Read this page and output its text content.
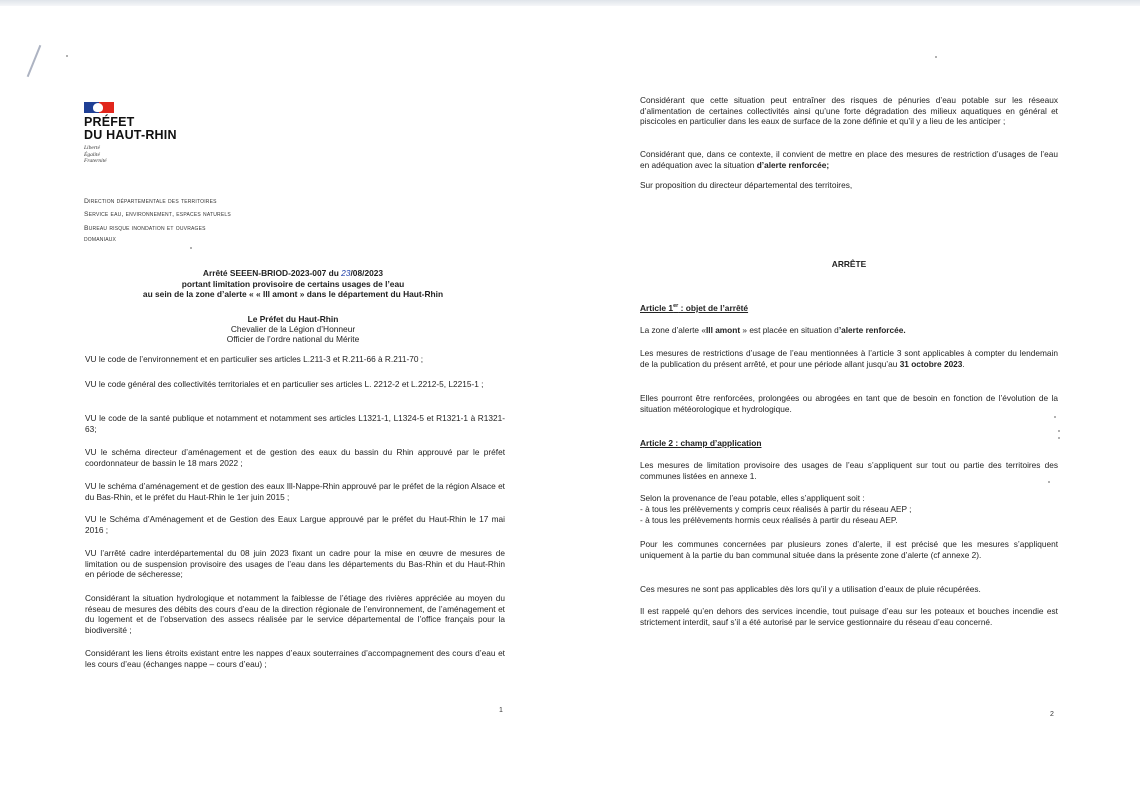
PRÉFET
DU HAUT-RHIN
Liberté
Égalité
Fraternité
Direction départementale des territoires
Service eau, environnement, espaces naturels
Bureau risque inondation et ouvrages
domaniaux
Arrêté SEEEN-BRIOD-2023-007 du 23/08/2023
portant limitation provisoire de certains usages de l’eau
au sein de la zone d’alerte « « Ill amont » dans le département du Haut-Rhin
Le Préfet du Haut-Rhin
Chevalier de la Légion d’Honneur
Officier de l’ordre national du Mérite

VU le code de l’environnement et en particulier ses articles L.211-3 et R.211-66 à R.211-70 ;

VU le code général des collectivités territoriales et en particulier ses articles L. 2212-2 et L.2212-5, L2215-1 ;

VU le code de la santé publique et notamment et notamment ses articles L1321-1, L1324-5 et R1321-1 à R1321-63;

VU le schéma directeur d’aménagement et de gestion des eaux du bassin du Rhin approuvé par le préfet coordonnateur de bassin le 18 mars 2022 ;

VU le schéma d’aménagement et de gestion des eaux Ill-Nappe-Rhin approuvé par le préfet de la région Alsace et du Bas-Rhin, et le préfet du Haut-Rhin le 1er juin 2015 ;

VU le Schéma d’Aménagement et de Gestion des Eaux Largue approuvé par le préfet du Haut-Rhin le 17 mai 2016 ;

VU l’arrêté cadre interdépartemental du 08 juin 2023 fixant un cadre pour la mise en œuvre de mesures de limitation ou de suspension provisoire des usages de l’eau dans les départements du Bas-Rhin et du Haut-Rhin en période de sécheresse;

Considérant la situation hydrologique et notamment la faiblesse de l’étiage des rivières appréciée au moyen du réseau de mesures des débits des cours d’eau de la direction régionale de l’environnement, de l’aménagement et du logement et de l’observation des assecs réalisée par le service départemental de l’office français pour la biodiversité ;

Considérant les liens étroits existant entre les nappes d’eaux souterraines d’accompagnement des cours d’eau et les cours d’eau (échanges nappe – cours d’eau) ;

1

Considérant que cette situation peut entraîner des risques de pénuries d’eau potable sur les réseaux d’alimentation de certaines collectivités ainsi qu’une forte dégradation des milieux aquatiques en général et piscicoles en particulier dans les eaux de surface de la zone définie et qu’il y a lieu de les anticiper ;

Considérant que, dans ce contexte, il convient de mettre en place des mesures de restriction d’usages de l’eau en adéquation avec la situation d’alerte renforcée;

Sur proposition du directeur départemental des territoires,

ARRÊTE
Article 1er : objet de l’arrêté

La zone d’alerte «Ill amont » est placée en situation d’alerte renforcée.

Les mesures de restrictions d’usage de l’eau mentionnées à l’article 3 sont applicables à compter du lendemain de la publication du présent arrêté, et pour une période allant jusqu’au 31 octobre 2023.

Elles pourront être renforcées, prolongées ou abrogées en tant que de besoin en fonction de l’évolution de la situation météorologique et hydrologique.

Article 2 : champ d’application

Les mesures de limitation provisoire des usages de l’eau s’appliquent sur tout ou partie des territoires des communes listées en annexe 1.

Selon la provenance de l’eau potable, elles s’appliquent soit :

- à tous les prélèvements y compris ceux réalisés à partir du réseau AEP ;

- à tous les prélèvements hormis ceux réalisés à partir du réseau AEP.

Pour les communes concernées par plusieurs zones d’alerte, il est précisé que les mesures s’appliquent uniquement à la partie du ban communal située dans la présente zone d’alerte (cf annexe 2).

Ces mesures ne sont pas applicables dès lors qu’il y a utilisation d’eaux de pluie récupérées.

Il est rappelé qu’en dehors des services incendie, tout puisage d’eau sur les poteaux et bouches incendie est strictement interdit, sauf s’il a été autorisé par le service gestionnaire du réseau d’eau concerné.

2
